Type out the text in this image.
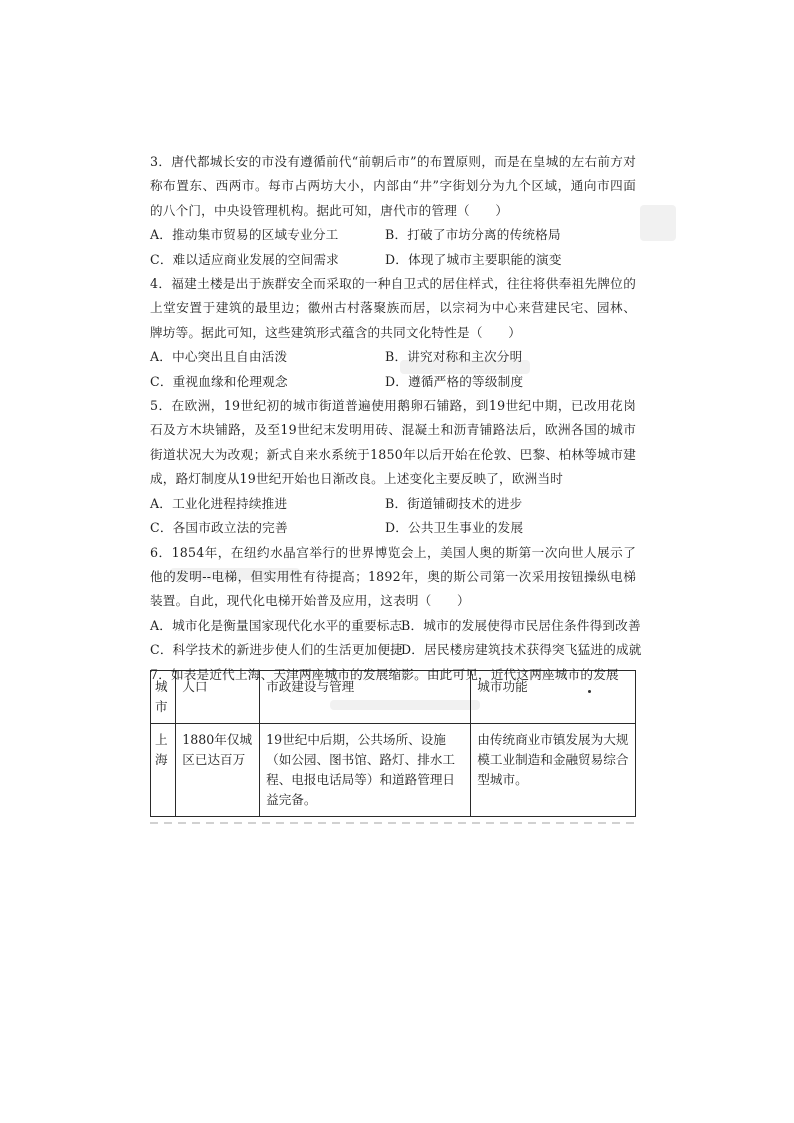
3．唐代都城长安的市没有遵循前代“前朝后市”的布置原则，而是在皇城的左右前方对称布置东、西两市。每市占两坊大小，内部由“井”字街划分为九个区域，通向市四面的八个门，中央设管理机构。据此可知，唐代市的管理（　　）

A．推动集市贸易的区域专业分工	B．打破了市坊分离的传统格局
C．难以适应商业发展的空间需求	D．体现了城市主要职能的演变

4．福建土楼是出于族群安全而采取的一种自卫式的居住样式，往往将供奉祖先牌位的上堂安置于建筑的最里边；徽州古村落聚族而居，以宗祠为中心来营建民宅、园林、牌坊等。据此可知，这些建筑形式蕴含的共同文化特性是（　　）

A．中心突出且自由活泼	B．讲究对称和主次分明
C．重视血缘和伦理观念	D．遵循严格的等级制度

5．在欧洲，19世纪初的城市街道普遍使用鹅卵石铺路，到19世纪中期，已改用花岗石及方木块铺路，及至19世纪末发明用砖、混凝土和沥青铺路法后，欧洲各国的城市街道状况大为改观；新式自来水系统于1850年以后开始在伦敦、巴黎、柏林等城市建成，路灯制度从19世纪开始也日渐改良。上述变化主要反映了，欧洲当时

A．工业化进程持续推进	B．街道铺砌技术的进步
C．各国市政立法的完善	D．公共卫生事业的发展

6．1854年，在纽约水晶宫举行的世界博览会上，美国人奥的斯第一次向世人展示了他的发明--电梯，但实用性有待提高；1892年，奥的斯公司第一次采用按钮操纵电梯装置。自此，现代化电梯开始普及应用，这表明（　　）

A．城市化是衡量国家现代化水平的重要标志
B．城市的发展使得市民居住条件得到改善
C．科学技术的新进步使人们的生活更加便捷
D．居民楼房建筑技术获得突飞猛进的成就

7．如表是近代上海、天津两座城市的发展缩影。由此可见，近代这两座城市的发展

城市	人口	市政建设与管理	城市功能
上海	1880年仅城区已达百万	19世纪中后期，公共场所、设施（如公园、图书馆、路灯、排水工程、电报电话局等）和道路管理日益完备。	由传统商业市镇发展为大规模工业制造和金融贸易综合型城市。
